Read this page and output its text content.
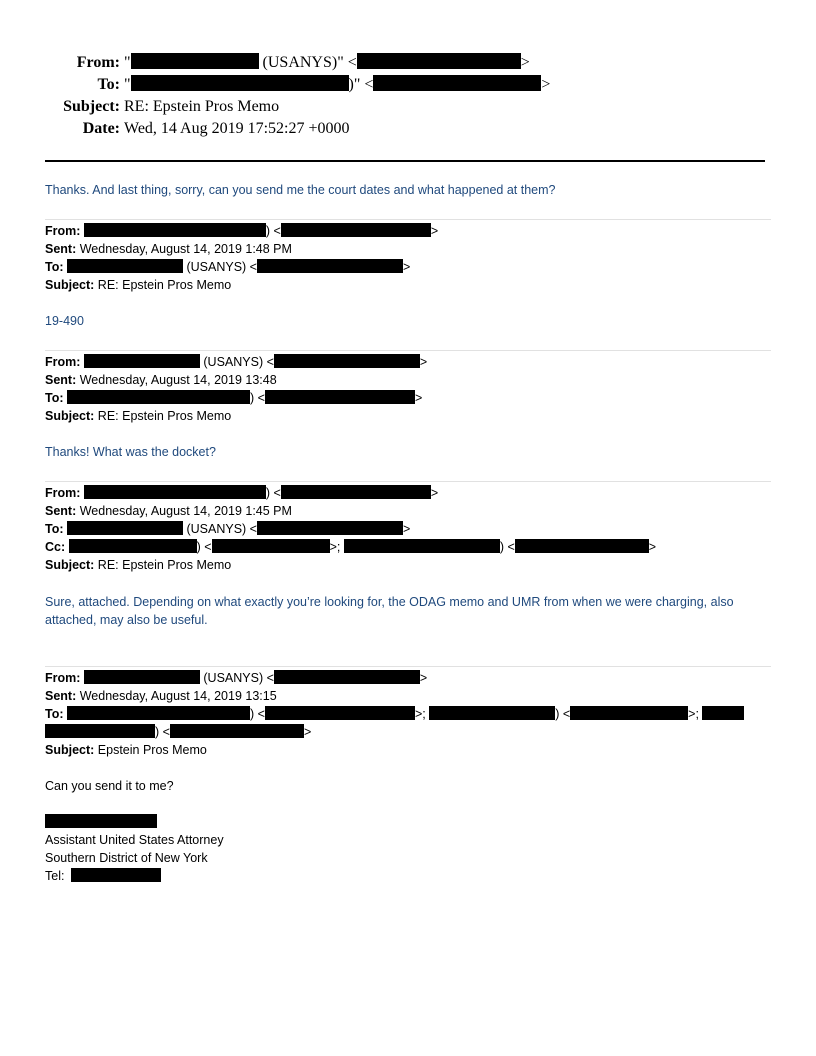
From: "	(USANYS)" <	>
To: "	)" <	>
Subject: RE: Epstein Pros Memo
Date: Wed, 14 Aug 2019 17:52:27 +0000
Thanks. And last thing, sorry, can you send me the court dates and what happened at them?
From:	) <	>
Sent: Wednesday, August 14, 2019 1:48 PM
To:	(USANYS) <	>
Subject: RE: Epstein Pros Memo
19-490
From:	(USANYS) <	>
Sent: Wednesday, August 14, 2019 13:48
To:	) <	>
Subject: RE: Epstein Pros Memo
Thanks! What was the docket?
From:	) <	>
Sent: Wednesday, August 14, 2019 1:45 PM
To:	(USANYS) <	>
Cc:	) <	>;	) <	>
Subject: RE: Epstein Pros Memo
Sure, attached. Depending on what exactly you’re looking for, the ODAG memo and UMR from when we were charging, also attached, may also be useful.
From:	(USANYS) <	>
Sent: Wednesday, August 14, 2019 13:15
To:	) <	>;	) <	>;
) <	>
Subject: Epstein Pros Memo
Can you send it to me?
Assistant United States Attorney
Southern District of New York
Tel:
